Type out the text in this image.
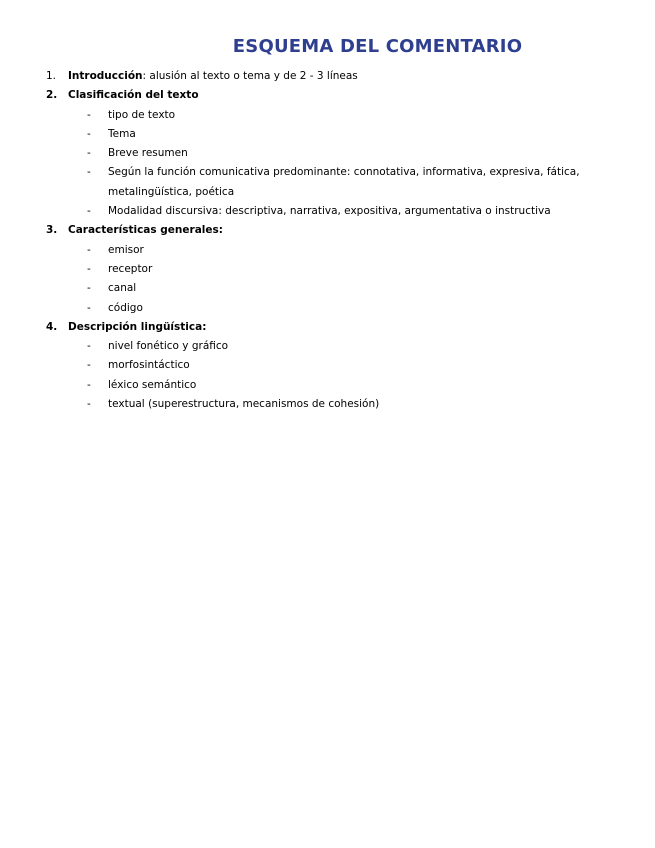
ESQUEMA DEL COMENTARIO
1. Introducción: alusión al texto o tema y de 2 - 3 líneas
2. Clasificación del texto
- tipo de texto
- Tema
- Breve resumen
- Según la función comunicativa predominante: connotativa, informativa, expresiva, fática, metalingüística, poética
- Modalidad discursiva: descriptiva, narrativa, expositiva, argumentativa o instructiva
3. Características generales:
- emisor
- receptor
- canal
- código
4. Descripción lingüística:
- nivel fonético y gráfico
- morfosintáctico
- léxico semántico
- textual (superestructura, mecanismos de cohesión)
